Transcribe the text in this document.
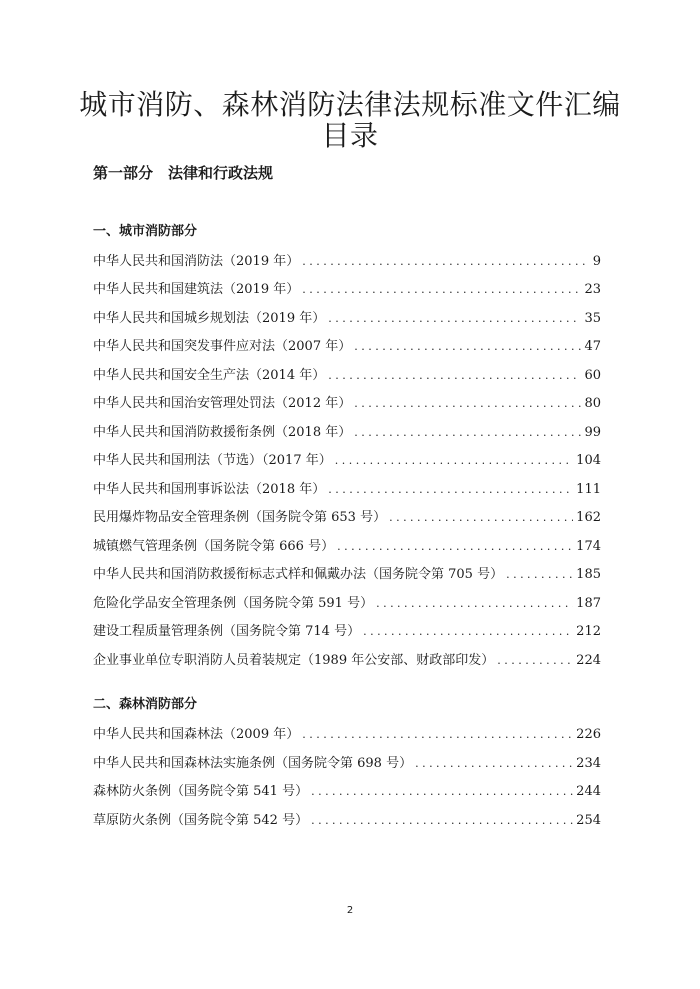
城市消防、森林消防法律法规标准文件汇编
目录
第一部分　法律和行政法规
一、城市消防部分
中华人民共和国消防法（2019 年） . . .	9
中华人民共和国建筑法（2019 年） . . .	23
中华人民共和国城乡规划法（2019 年） . . .	35
中华人民共和国突发事件应对法（2007 年） . . .	47
中华人民共和国安全生产法（2014 年） . . .	60
中华人民共和国治安管理处罚法（2012 年） . . .	80
中华人民共和国消防救援衔条例（2018 年） . . .	99
中华人民共和国刑法（节选）（2017 年） . . .	104
中华人民共和国刑事诉讼法（2018 年） . . .	111
民用爆炸物品安全管理条例（国务院令第 653 号） . . .	162
城镇燃气管理条例（国务院令第 666 号） . . .	174
中华人民共和国消防救援衔标志式样和佩戴办法（国务院令第 705 号） . . .	185
危险化学品安全管理条例（国务院令第 591 号） . . .	187
建设工程质量管理条例（国务院令第 714 号） . . .	212
企业事业单位专职消防人员着装规定（1989 年公安部、财政部印发） . . .	224
二、森林消防部分
中华人民共和国森林法（2009 年） . . .	226
中华人民共和国森林法实施条例（国务院令第 698 号） . . .	234
森林防火条例（国务院令第 541 号） . . .	244
草原防火条例（国务院令第 542 号） . . .	254
2
